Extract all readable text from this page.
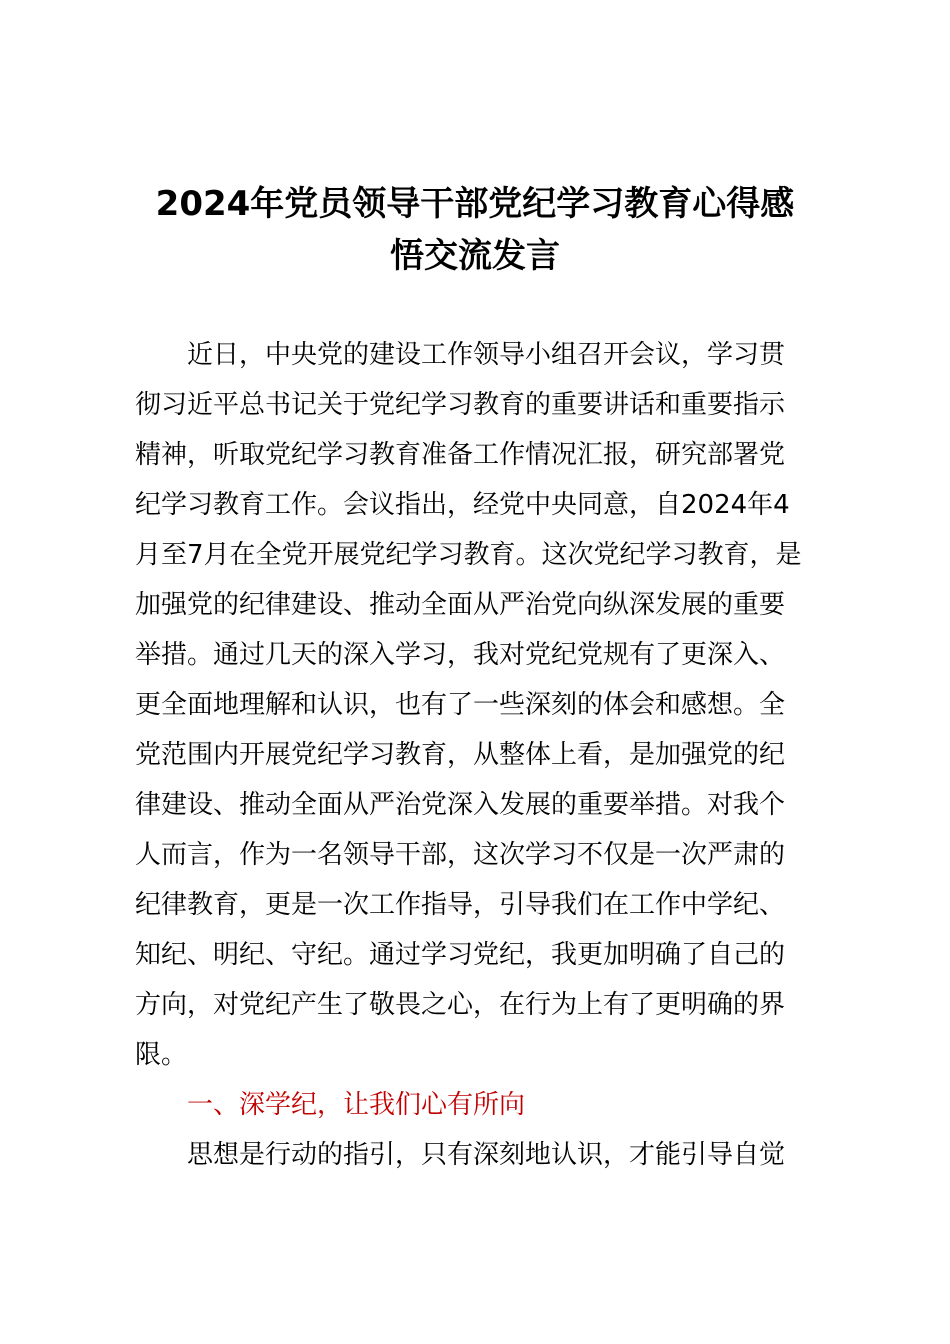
2024年党员领导干部党纪学习教育心得感
悟交流发言

近日，中央党的建设工作领导小组召开会议，学习贯
彻习近平总书记关于党纪学习教育的重要讲话和重要指示
精神，听取党纪学习教育准备工作情况汇报，研究部署党
纪学习教育工作。会议指出，经党中央同意，自2024年4
月至7月在全党开展党纪学习教育。这次党纪学习教育，是
加强党的纪律建设、推动全面从严治党向纵深发展的重要
举措。通过几天的深入学习，我对党纪党规有了更深入、
更全面地理解和认识，也有了一些深刻的体会和感想。全
党范围内开展党纪学习教育，从整体上看，是加强党的纪
律建设、推动全面从严治党深入发展的重要举措。对我个
人而言，作为一名领导干部，这次学习不仅是一次严肃的
纪律教育，更是一次工作指导，引导我们在工作中学纪、
知纪、明纪、守纪。通过学习党纪，我更加明确了自己的
方向，对党纪产生了敬畏之心，在行为上有了更明确的界
限。

一、深学纪，让我们心有所向

思想是行动的指引，只有深刻地认识，才能引导自觉
